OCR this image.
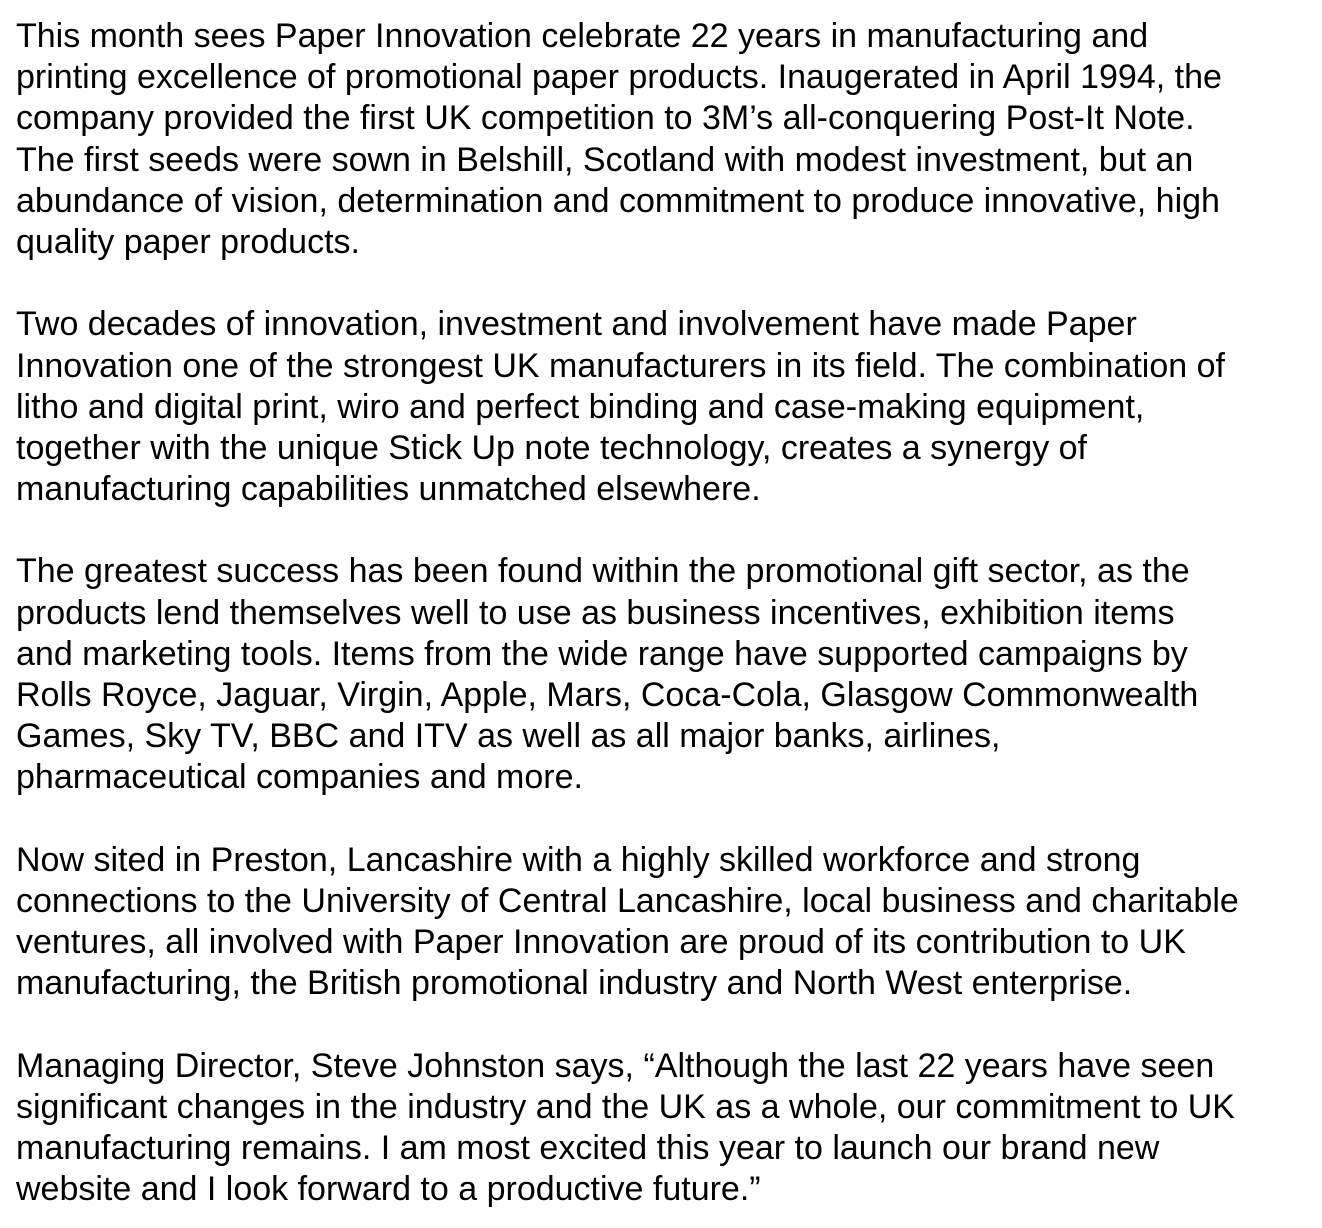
This month sees Paper Innovation celebrate 22 years in manufacturing and
printing excellence of promotional paper products. Inaugerated in April 1994, the
company provided the first UK competition to 3M’s all-conquering Post-It Note.
The first seeds were sown in Belshill, Scotland with modest investment, but an
abundance of vision, determination and commitment to produce innovative, high
quality paper products.

Two decades of innovation, investment and involvement have made Paper
Innovation one of the strongest UK manufacturers in its field. The combination of
litho and digital print, wiro and perfect binding and case-making equipment,
together with the unique Stick Up note technology, creates a synergy of
manufacturing capabilities unmatched elsewhere.

The greatest success has been found within the promotional gift sector, as the
products lend themselves well to use as business incentives, exhibition items
and marketing tools. Items from the wide range have supported campaigns by
Rolls Royce, Jaguar, Virgin, Apple, Mars, Coca-Cola, Glasgow Commonwealth
Games, Sky TV, BBC and ITV as well as all major banks, airlines,
pharmaceutical companies and more.

Now sited in Preston, Lancashire with a highly skilled workforce and strong
connections to the University of Central Lancashire, local business and charitable
ventures, all involved with Paper Innovation are proud of its contribution to UK
manufacturing, the British promotional industry and North West enterprise.

Managing Director, Steve Johnston says, “Although the last 22 years have seen
significant changes in the industry and the UK as a whole, our commitment to UK
manufacturing remains. I am most excited this year to launch our brand new
website and I look forward to a productive future.”
